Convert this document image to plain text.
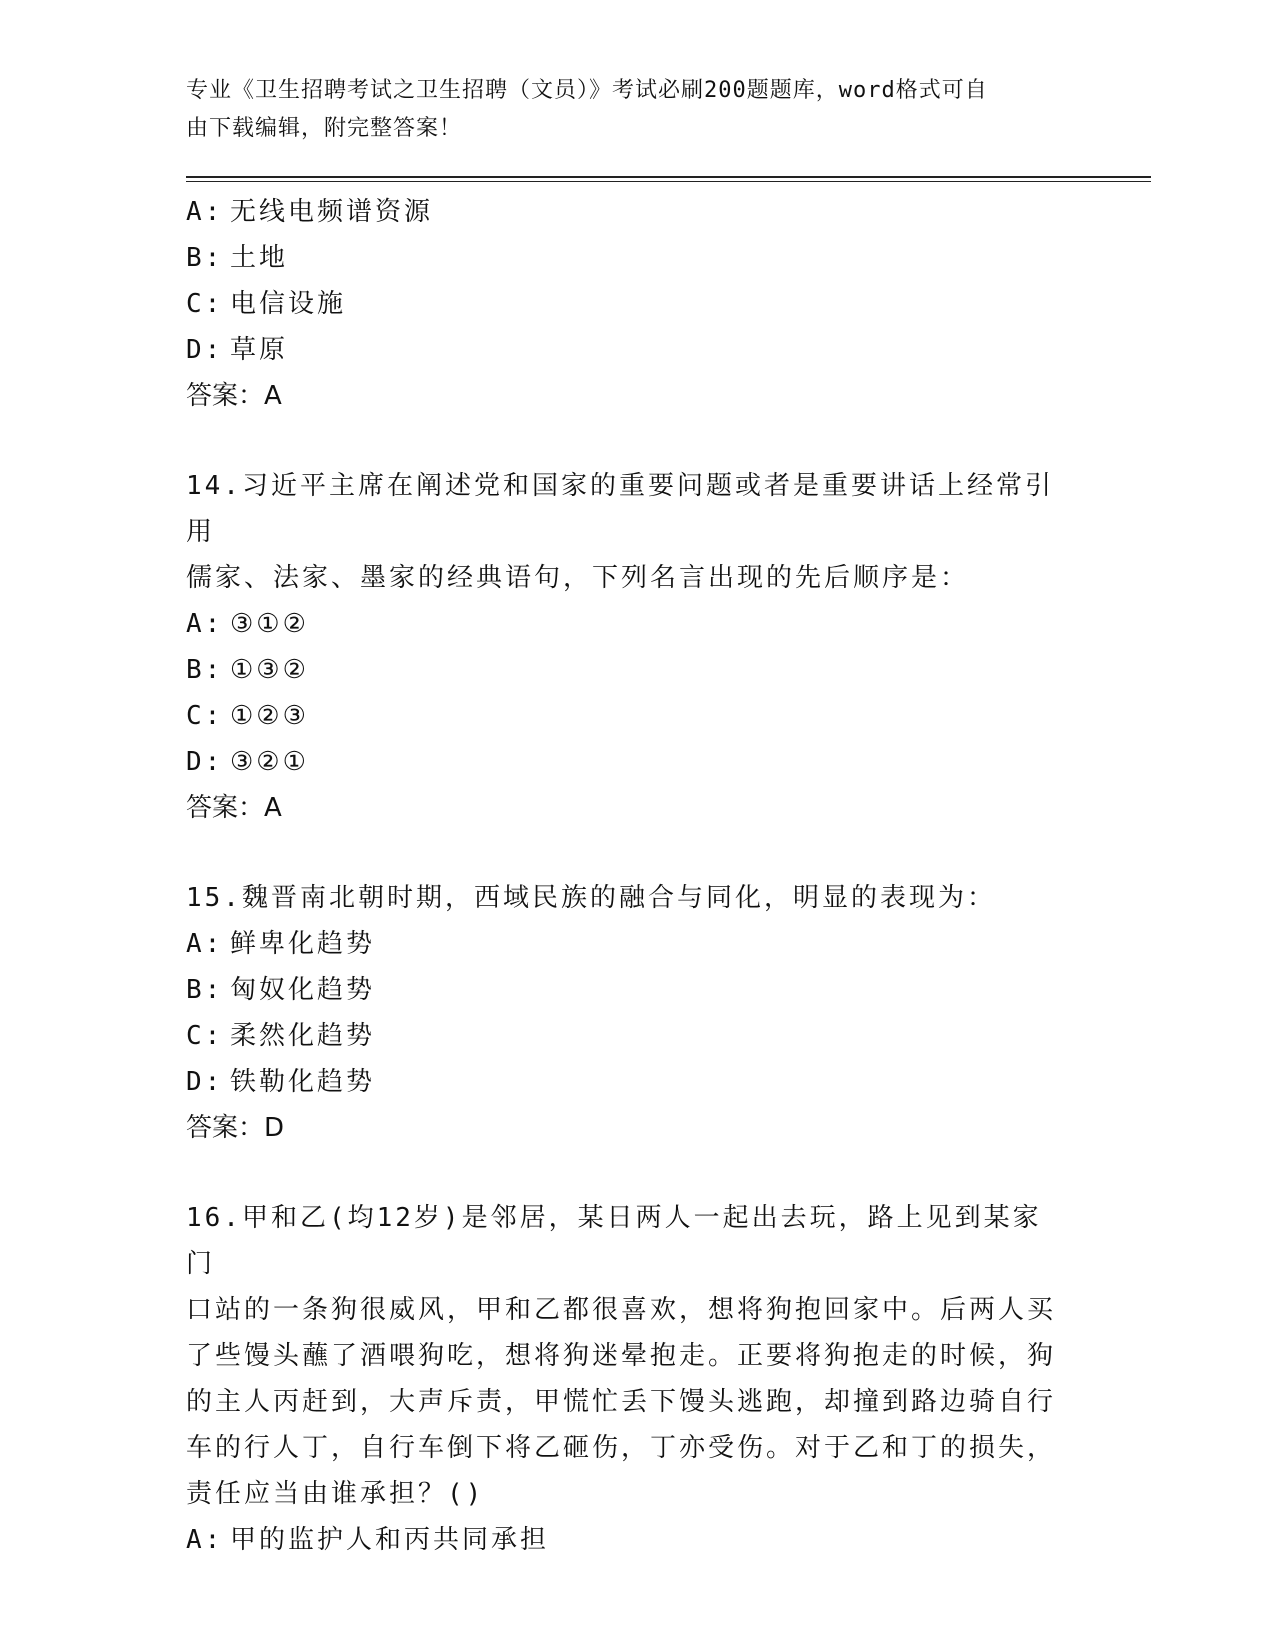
专业《卫生招聘考试之卫生招聘（文员）》考试必刷200题题库，word格式可自
由下载编辑，附完整答案！
A: 无线电频谱资源
B: 土地
C: 电信设施
D: 草原
答案：A
14.习近平主席在阐述党和国家的重要问题或者是重要讲话上经常引用
儒家、法家、墨家的经典语句，下列名言出现的先后顺序是：
A: ③①②
B: ①③②
C: ①②③
D: ③②①
答案：A
15.魏晋南北朝时期，西域民族的融合与同化，明显的表现为：
A: 鲜卑化趋势
B: 匈奴化趋势
C: 柔然化趋势
D: 铁勒化趋势
答案：D
16.甲和乙(均12岁)是邻居，某日两人一起出去玩，路上见到某家门
口站的一条狗很威风，甲和乙都很喜欢，想将狗抱回家中。后两人买
了些馒头蘸了酒喂狗吃，想将狗迷晕抱走。正要将狗抱走的时候，狗
的主人丙赶到，大声斥责，甲慌忙丢下馒头逃跑，却撞到路边骑自行
车的行人丁，自行车倒下将乙砸伤，丁亦受伤。对于乙和丁的损失，
责任应当由谁承担？()
A: 甲的监护人和丙共同承担
